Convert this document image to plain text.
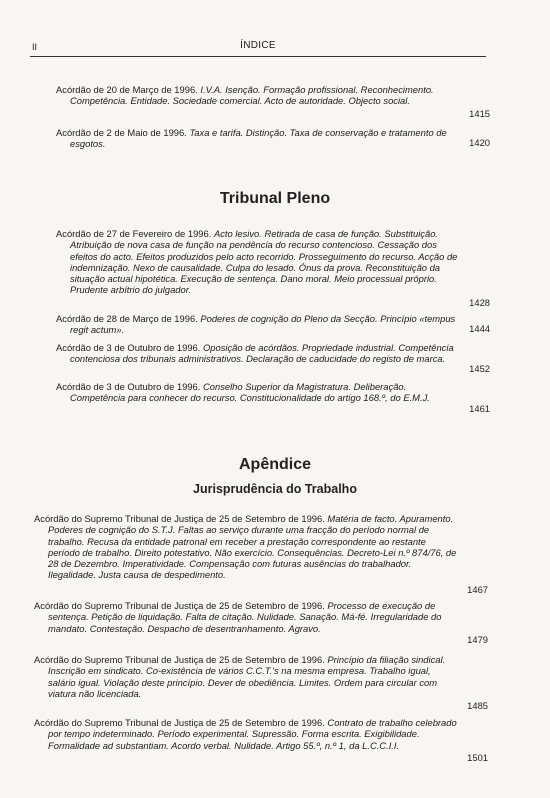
II	ÍNDICE
Acórdão de 20 de Março de 1996. I.V.A. Isenção. Formação profissional. Reconhecimento. Competência. Entidade. Sociedade comercial. Acto de autoridade. Objecto social.
1415
Acórdão de 2 de Maio de 1996. Taxa e tarifa. Distinção. Taxa de conservação e tratamento de esgotos.	1420
Tribunal Pleno
Acórdão de 27 de Fevereiro de 1996. Acto lesivo. Retirada de casa de função. Substituição. Atribuição de nova casa de função na pendência do recurso contencioso. Cessação dos efeitos do acto. Efeitos produzidos pelo acto recorrido. Prosseguimento do recurso. Acção de indemnização. Nexo de causalidade. Culpa do lesado. Ónus da prova. Reconstituição da situação actual hipotética. Execução de sentença. Dano moral. Meio processual próprio. Prudente arbítrio do julgador.
1428
Acórdão de 28 de Março de 1996. Poderes de cognição do Pleno da Secção. Princípio «tempus regit actum».	1444
Acórdão de 3 de Outubro de 1996. Oposição de acórdãos. Propriedade industrial. Competência contenciosa dos tribunais administrativos. Declaração de caducidade do registo de marca.
1452
Acórdão de 3 de Outubro de 1996. Conselho Superior da Magistratura. Deliberação. Competência para conhecer do recurso. Constitucionalidade do artigo 168.º, do E.M.J.
1461
Apêndice
Jurisprudência do Trabalho
Acórdão do Supremo Tribunal de Justiça de 25 de Setembro de 1996. Matéria de facto. Apuramento. Poderes de cognição do S.T.J. Faltas ao serviço durante uma fracção do período normal de trabalho. Recusa da entidade patronal em receber a prestação correspondente ao restante período de trabalho. Direito potestativo. Não exercício. Consequências. Decreto-Lei n.º 874/76, de 28 de Dezembro. Imperatividade. Compensação com futuras ausências do trabalhador. Ilegalidade. Justa causa de despedimento.
1467
Acórdão do Supremo Tribunal de Justiça de 25 de Setembro de 1996. Processo de execução de sentença. Petição de liquidação. Falta de citação. Nulidade. Sanação. Má-fé. Irregularidade do mandato. Contestação. Despacho de desentranhamento. Agravo.
1479
Acórdão do Supremo Tribunal de Justiça de 25 de Setembro de 1996. Princípio da filiação sindical. Inscrição em sindicato. Co-existência de vários C.C.T.'s na mesma empresa. Trabalho igual, salário igual. Violação deste princípio. Dever de obediência. Limites. Ordem para circular com viatura não licenciada.
1485
Acórdão do Supremo Tribunal de Justiça de 25 de Setembro de 1996. Contrato de trabalho celebrado por tempo indeterminado. Período experimental. Supressão. Forma escrita. Exigibilidade. Formalidade ad substantiam. Acordo verbal. Nulidade. Artigo 55.º, n.º 1, da L.C.C.I.I.
1501
